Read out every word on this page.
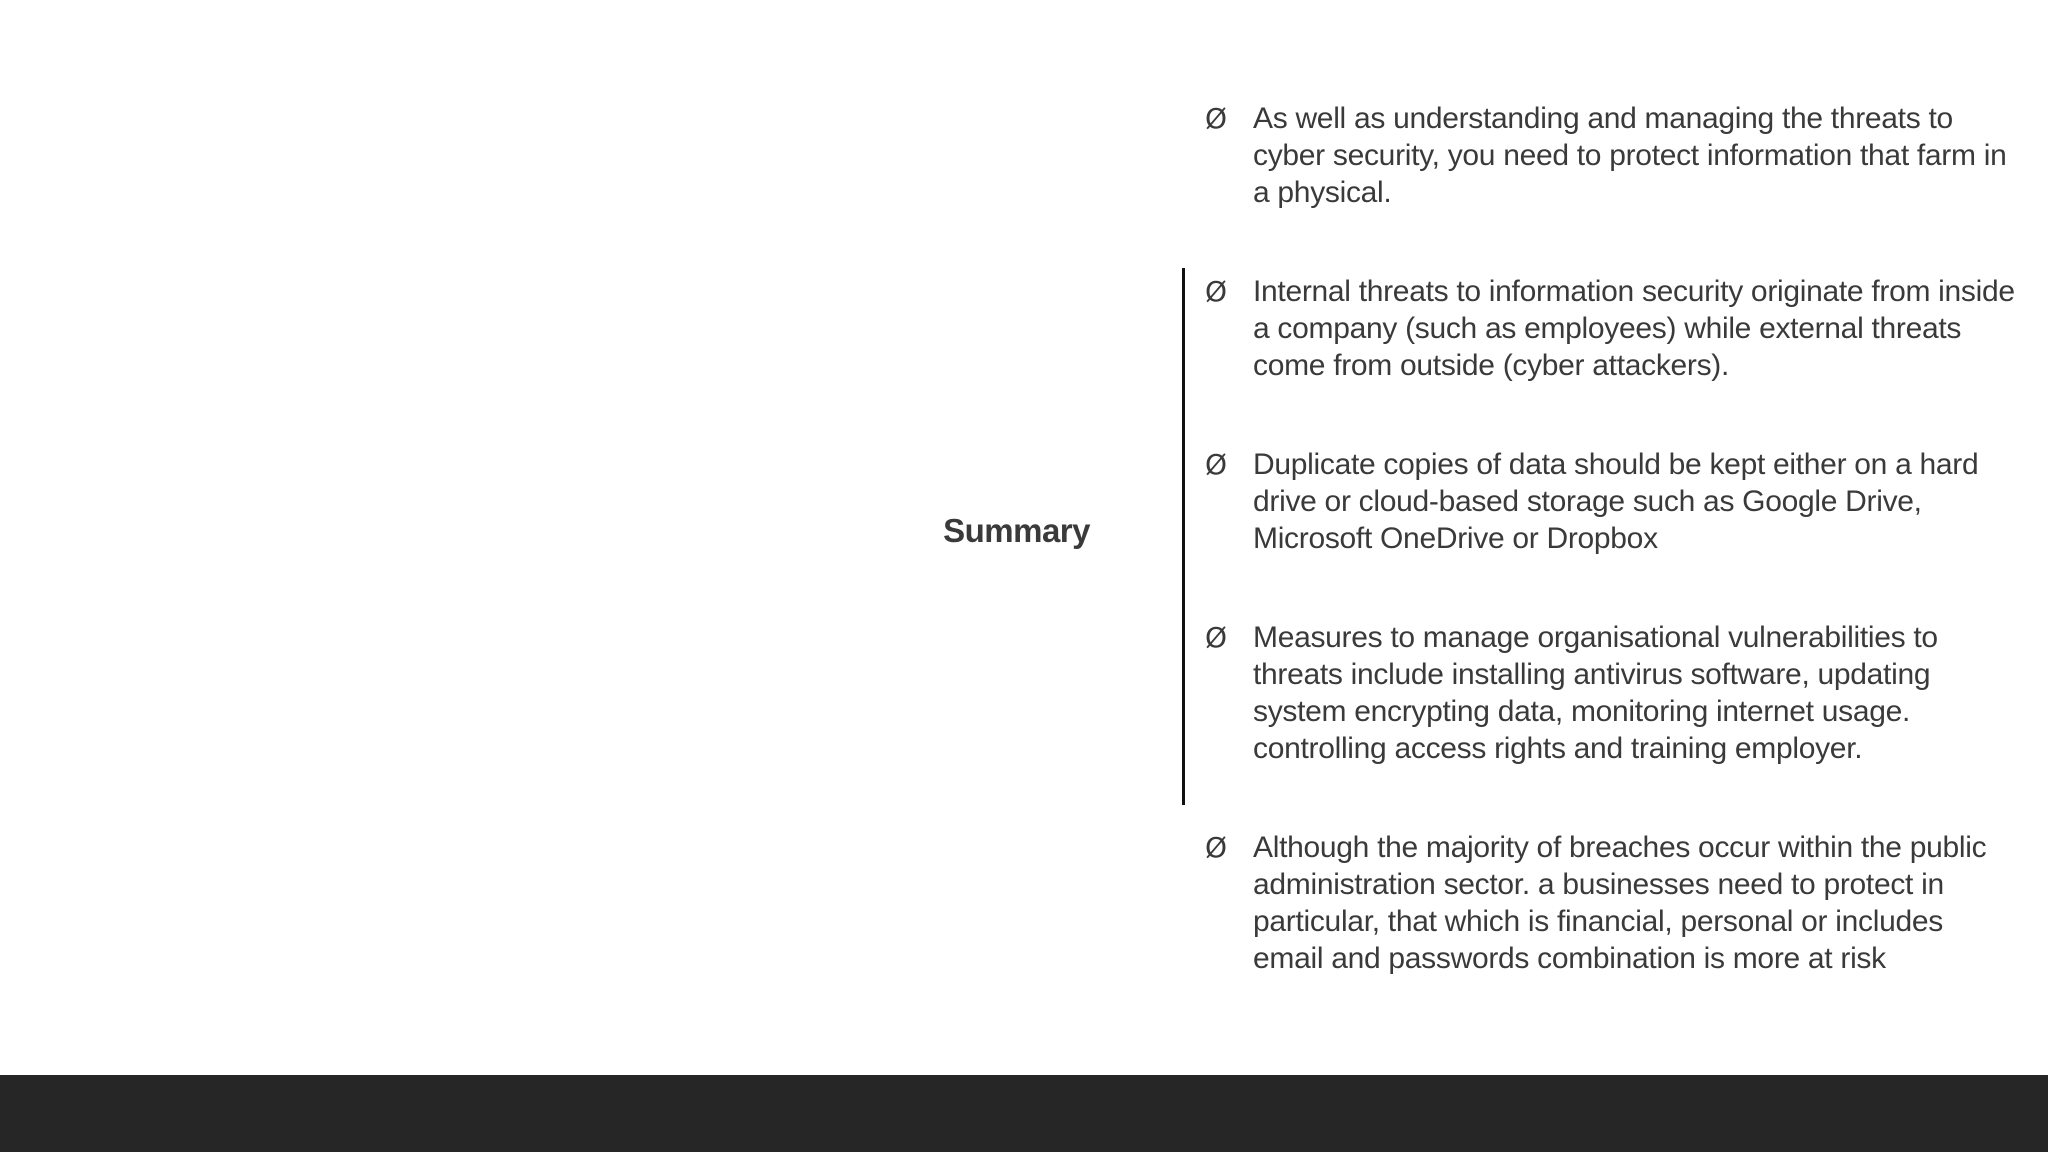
Summary
Ø As well as understanding and managing the threats to cyber security, you need to protect information that farm in a physical.
Ø Internal threats to information security originate from inside a company (such as employees) while external threats come from outside (cyber attackers).
Ø Duplicate copies of data should be kept either on a hard drive or cloud-based storage such as Google Drive, Microsoft OneDrive or Dropbox
Ø Measures to manage organisational vulnerabilities to threats include installing antivirus software, updating system encrypting data, monitoring internet usage. controlling access rights and training employer.
Ø Although the majority of breaches occur within the public administration sector. a businesses need to protect in particular, that which is financial, personal or includes email and passwords combination is more at risk
